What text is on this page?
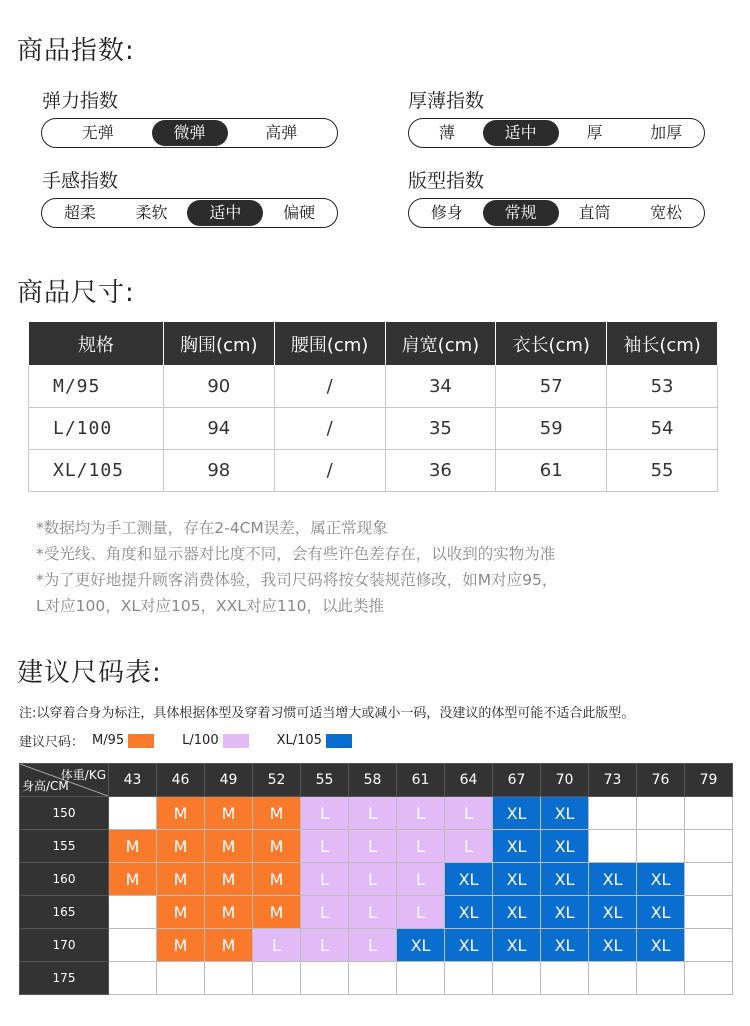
商品指数:
弹力指数
无弹	微弹	高弹
厚薄指数
薄	适中	厚	加厚
手感指数
超柔	柔软	适中	偏硬
版型指数
修身	常规	直筒	宽松
商品尺寸:
规格	胸围(cm)	腰围(cm)	肩宽(cm)	衣长(cm)	袖长(cm)
M/95	90	/	34	57	53
L/100	94	/	35	59	54
XL/105	98	/	36	61	55
*数据均为手工测量，存在2-4CM误差，属正常现象
*受光线、角度和显示器对比度不同，会有些许色差存在，以收到的实物为准
*为了更好地提升顾客消费体验，我司尺码将按女装规范修改，如M对应95，
L对应100，XL对应105，XXL对应110，以此类推
建议尺码表:
注:以穿着合身为标注，具体根据体型及穿着习惯可适当增大或减小一码，没建议的体型可能不适合此版型。
建议尺码： M/95	L/100	XL/105
体重/KG
身高/CM	43	46	49	52	55	58	61	64	67	70	73	76	79
150		M	M	M	L	L	L	L	XL	XL			
155	M	M	M	M	L	L	L	L	XL	XL			
160	M	M	M	M	L	L	L	XL	XL	XL	XL	XL	
165		M	M	M	L	L	L	XL	XL	XL	XL	XL	
170		M	M	L	L	L	XL	XL	XL	XL	XL	XL	
175													
